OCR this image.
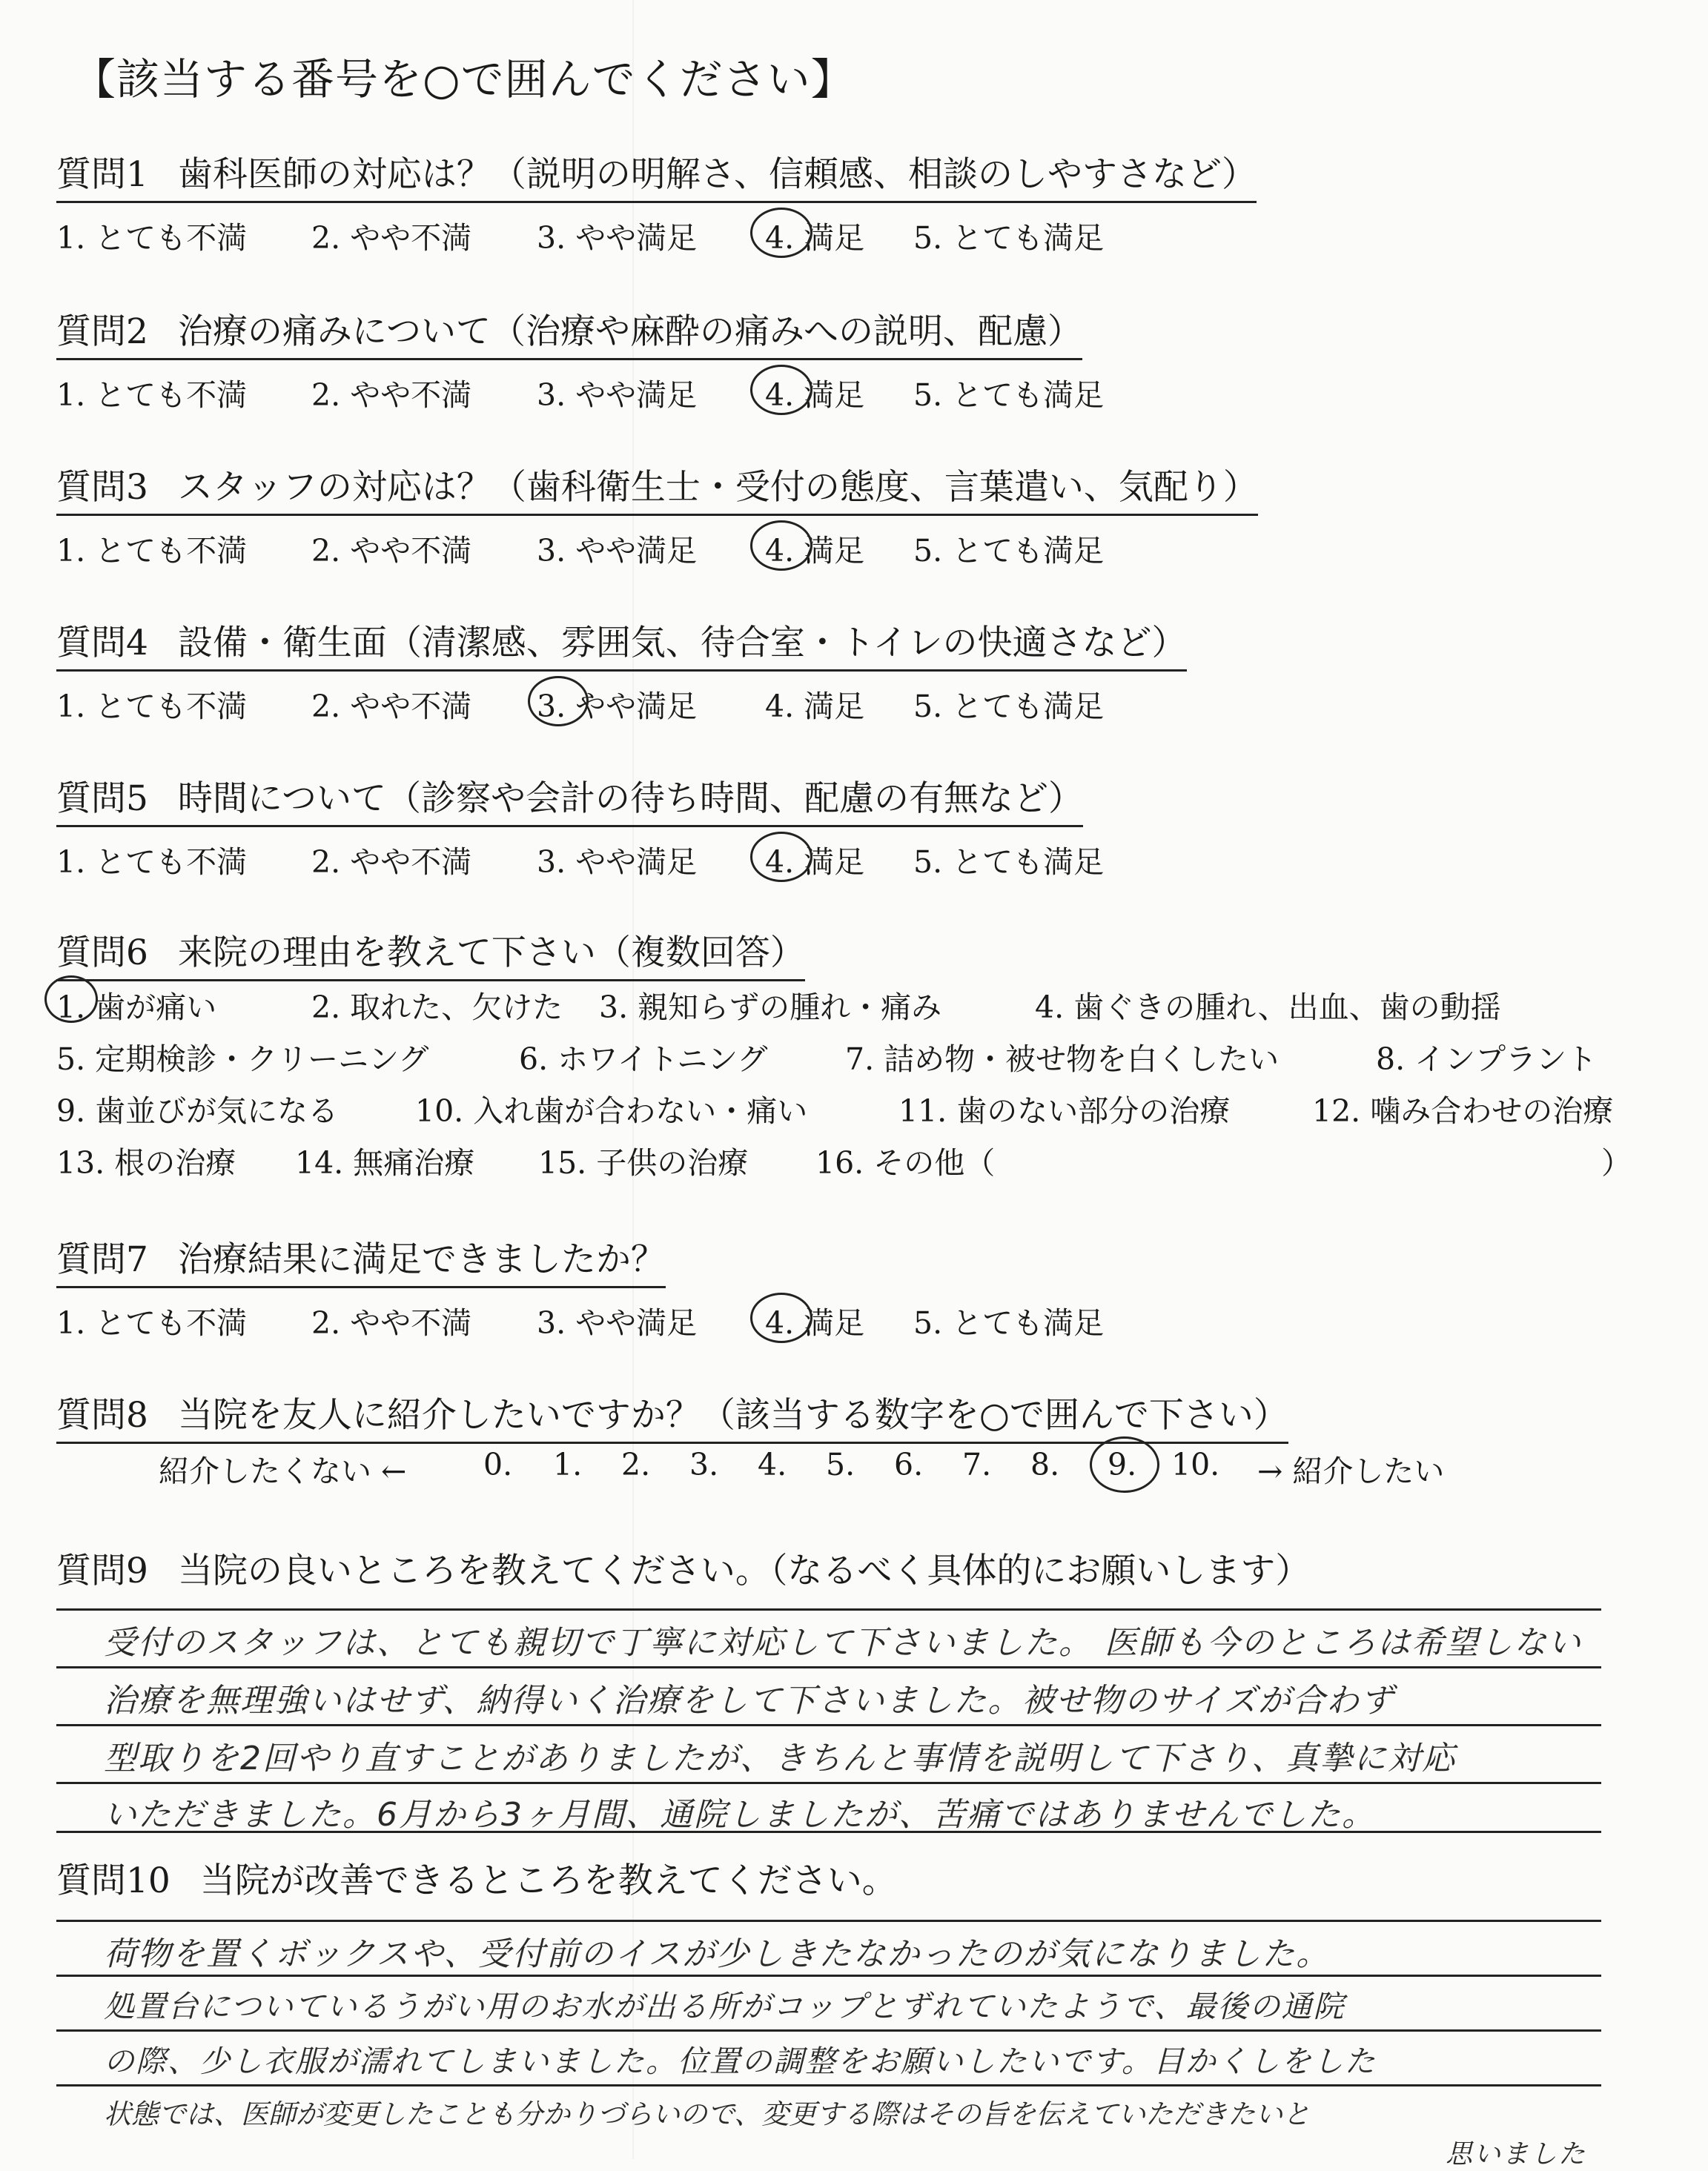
【該当する番号を○で囲んでください】
質問1 歯科医師の対応は？（説明の明解さ、信頼感、相談のしやすさなど）
1. とても不満 2. やや不満 3. やや満足 4. 満足 5. とても満足
質問2 治療の痛みについて（治療や麻酔の痛みへの説明、配慮）
1. とても不満 2. やや不満 3. やや満足 4. 満足 5. とても満足
質問3 スタッフの対応は？（歯科衛生士・受付の態度、言葉遣い、気配り）
1. とても不満 2. やや不満 3. やや満足 4. 満足 5. とても満足
質問4 設備・衛生面（清潔感、雰囲気、待合室・トイレの快適さなど）
1. とても不満 2. やや不満 3. やや満足 4. 満足 5. とても満足
質問5 時間について（診察や会計の待ち時間、配慮の有無など）
1. とても不満 2. やや不満 3. やや満足 4. 満足 5. とても満足
質問6 来院の理由を教えて下さい（複数回答）
1. 歯が痛い	2. 取れた、欠けた 3. 親知らずの腫れ・痛み	4. 歯ぐきの腫れ、出血、歯の動揺
5. 定期検診・クリーニング	6. ホワイトニング	7. 詰め物・被せ物を白くしたい	8. インプラント
9. 歯並びが気になる	10. 入れ歯が合わない・痛い	11. 歯のない部分の治療	12. 噛み合わせの治療
13. 根の治療 14. 無痛治療 15. 子供の治療 16. その他（	）
質問7 治療結果に満足できましたか？
1. とても不満 2. やや不満 3. やや満足 4. 満足 5. とても満足
質問8 当院を友人に紹介したいですか？（該当する数字を○で囲んで下さい）
紹介したくない ←	0. 1. 2. 3. 4. 5. 6. 7. 8. 9. 10. → 紹介したい
質問9 当院の良いところを教えてください。（なるべく具体的にお願いします）
受付のスタッフは、とても親切で丁寧に対応して下さいました。 医師も今のところは希望しない
治療を無理強いはせず、納得いく治療をして下さいました。被せ物のサイズが合わず
型取りを2回やり直すことがありましたが、きちんと事情を説明して下さり、真摯に対応
いただきました。6月から3ヶ月間、通院しましたが、苦痛ではありませんでした。
質問10 当院が改善できるところを教えてください。
荷物を置くボックスや、受付前のイスが少しきたなかったのが気になりました。
処置台についているうがい用のお水が出る所がコップとずれていたようで、最後の通院
の際、少し衣服が濡れてしまいました。位置の調整をお願いしたいです。目かくしをした
状態では、医師が変更したことも分かりづらいので、変更する際はその旨を伝えていただきたいと
思いました
